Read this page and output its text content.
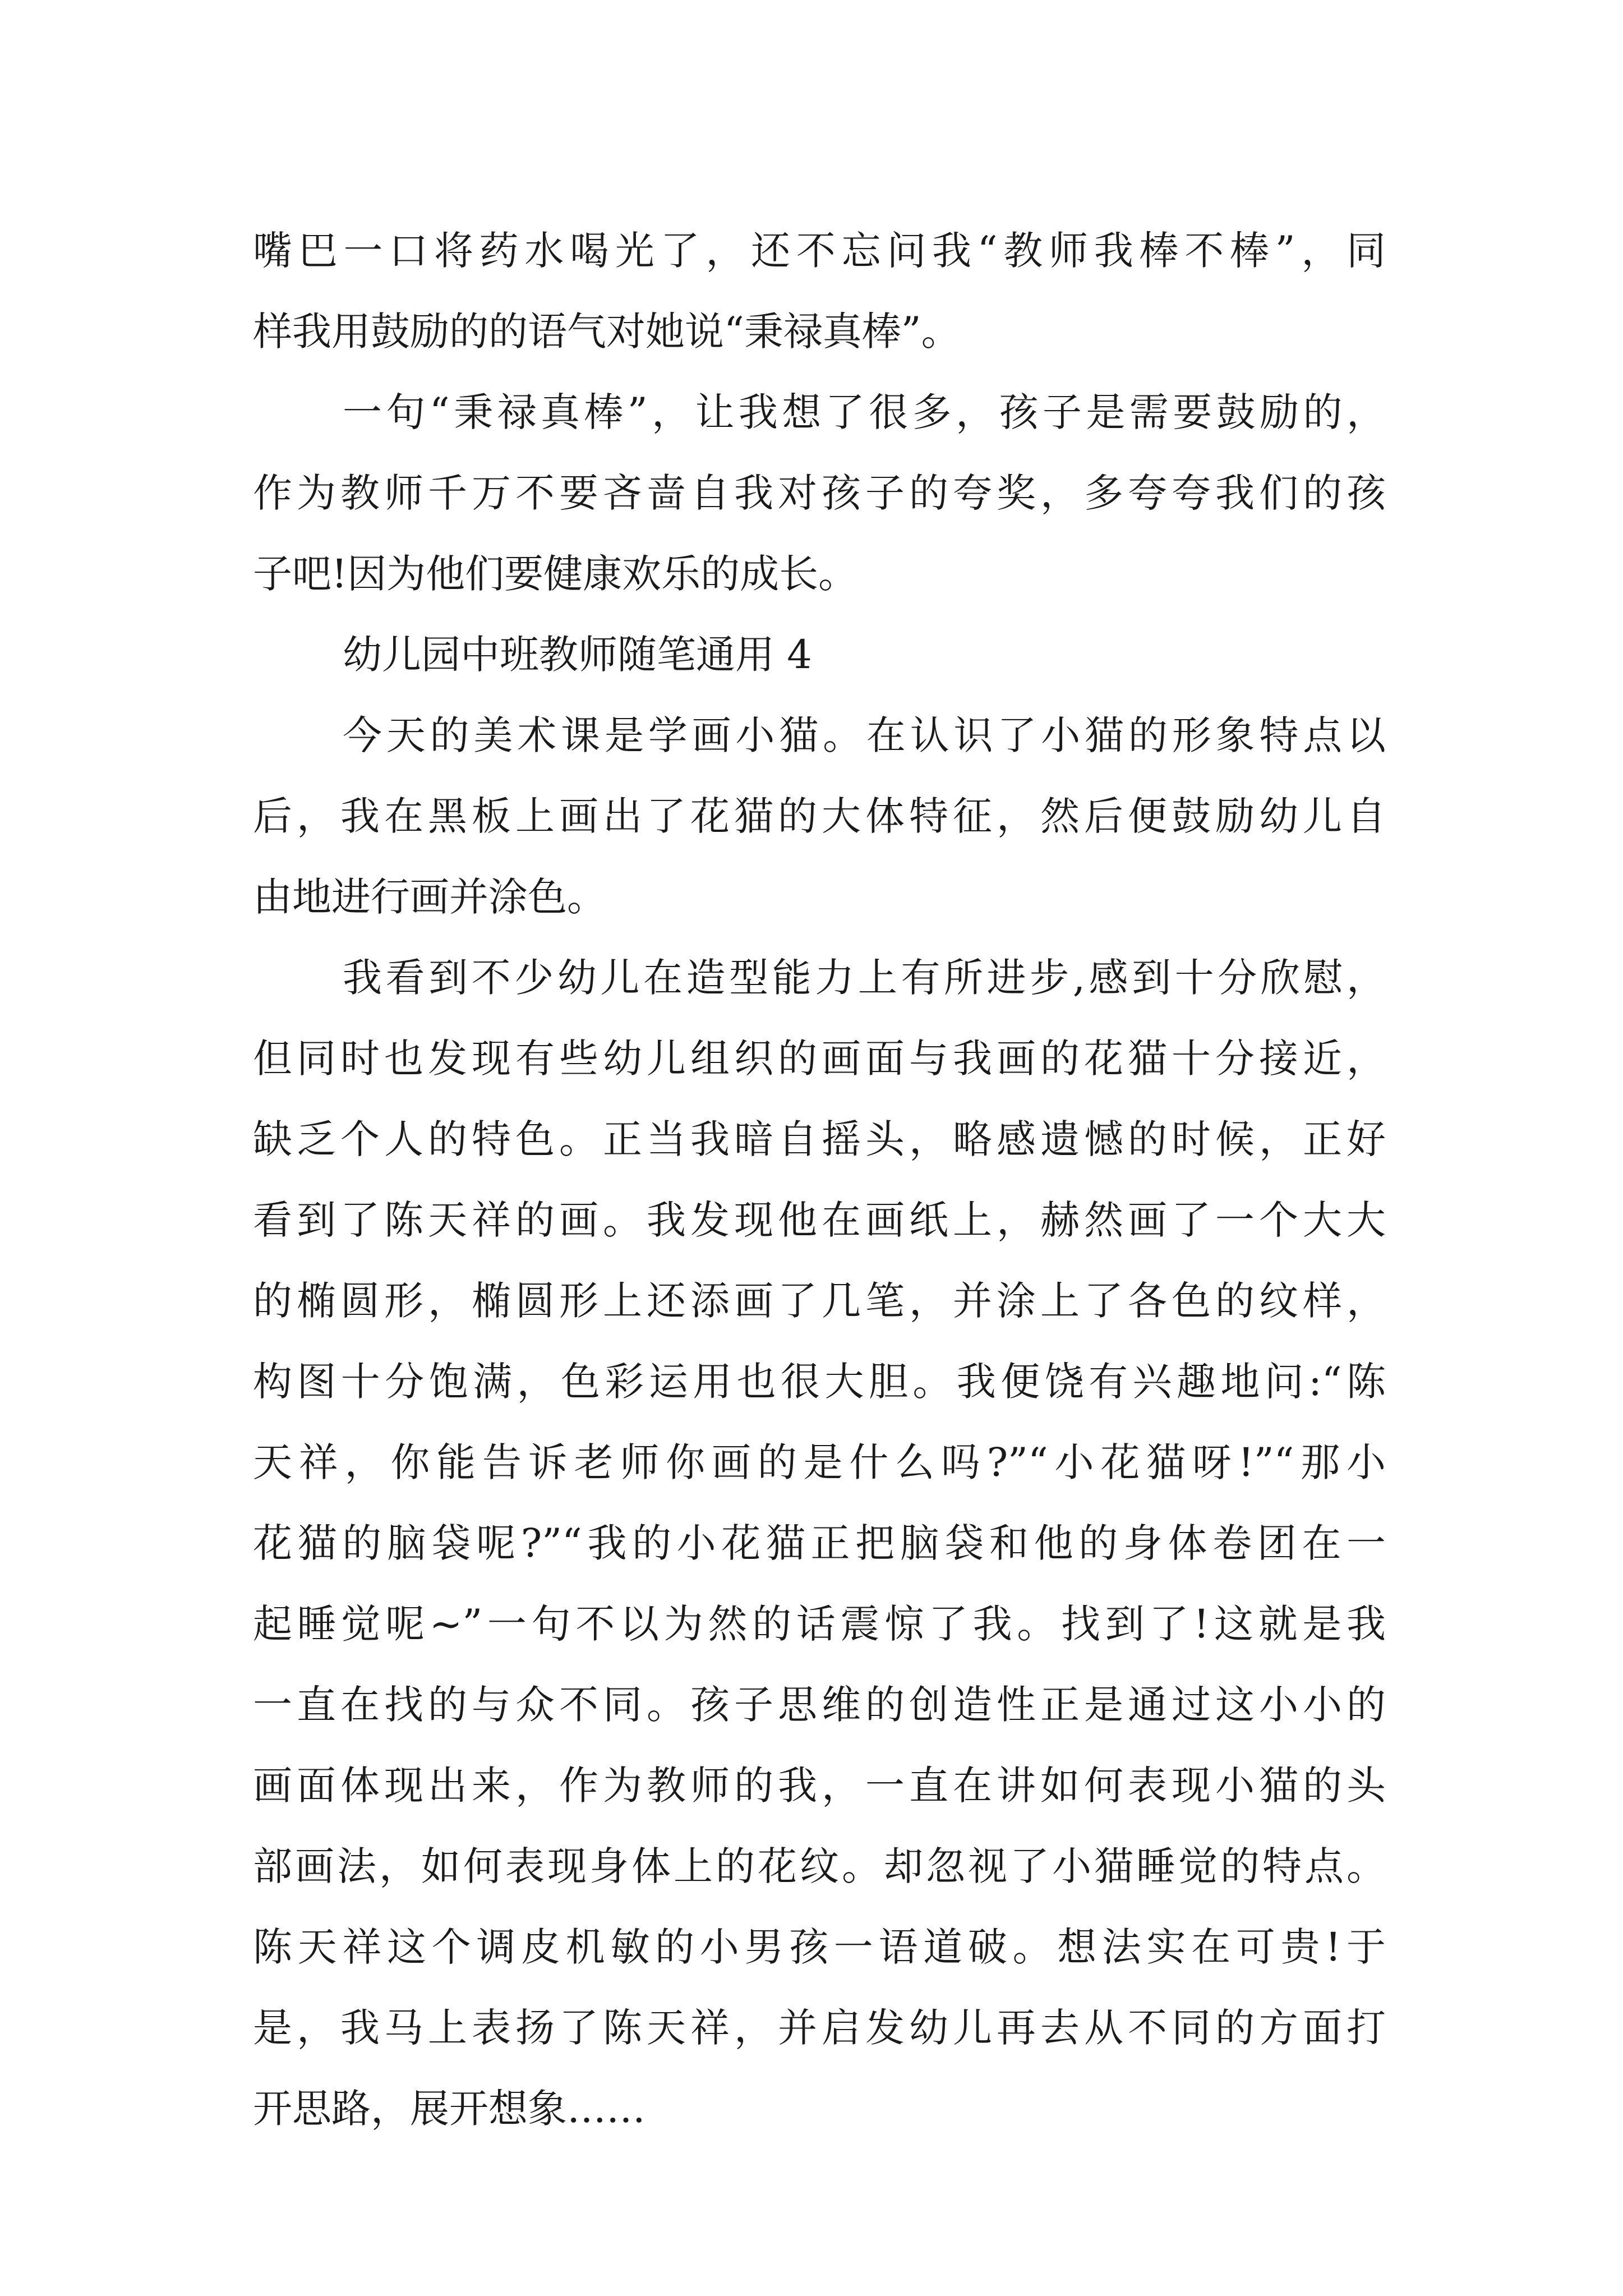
嘴巴一口将药水喝光了，还不忘问我“教师我棒不棒”，同
样我用鼓励的的语气对她说“秉禄真棒”。
一句“秉禄真棒”，让我想了很多，孩子是需要鼓励的，
作为教师千万不要吝啬自我对孩子的夸奖，多夸夸我们的孩
子吧!因为他们要健康欢乐的成长。
幼儿园中班教师随笔通用 4
今天的美术课是学画小猫。在认识了小猫的形象特点以
后，我在黑板上画出了花猫的大体特征，然后便鼓励幼儿自
由地进行画并涂色。
我看到不少幼儿在造型能力上有所进步,感到十分欣慰，
但同时也发现有些幼儿组织的画面与我画的花猫十分接近，
缺乏个人的特色。正当我暗自摇头，略感遗憾的时候，正好
看到了陈天祥的画。我发现他在画纸上，赫然画了一个大大
的椭圆形，椭圆形上还添画了几笔，并涂上了各色的纹样，
构图十分饱满，色彩运用也很大胆。我便饶有兴趣地问:“陈
天祥，你能告诉老师你画的是什么吗?”“小花猫呀!”“那小
花猫的脑袋呢?”“我的小花猫正把脑袋和他的身体卷团在一
起睡觉呢~”一句不以为然的话震惊了我。找到了!这就是我
一直在找的与众不同。孩子思维的创造性正是通过这小小的
画面体现出来，作为教师的我，一直在讲如何表现小猫的头
部画法，如何表现身体上的花纹。却忽视了小猫睡觉的特点。
陈天祥这个调皮机敏的小男孩一语道破。想法实在可贵!于
是，我马上表扬了陈天祥，并启发幼儿再去从不同的方面打
开思路，展开想象……
